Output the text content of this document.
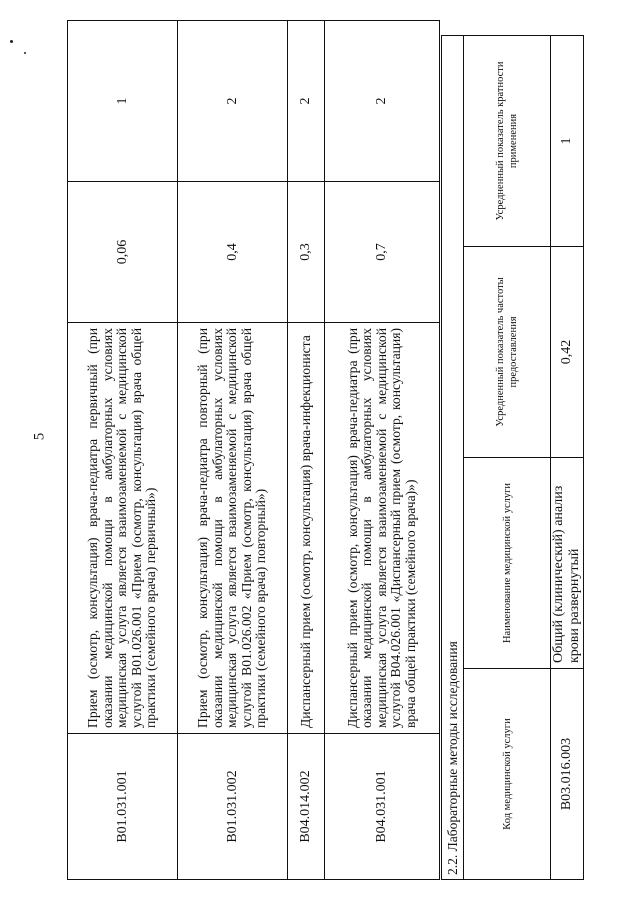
5
B01.031.001	Прием (осмотр, консультация) врача-педиатра первичный (при оказании медицинской помощи в амбулаторных условиях медицинская услуга является взаимозаменяемой с медицинской услугой B01.026.001 «Прием (осмотр, консультация) врача общей практики (семейного врача) первичный»)	0,06	1
B01.031.002	Прием (осмотр, консультация) врача-педиатра повторный (при оказании медицинской помощи в амбулаторных условиях медицинская услуга является взаимозаменяемой с медицинской услугой B01.026.002 «Прием (осмотр, консультация) врача общей практики (семейного врача) повторный»)	0,4	2
B04.014.002	Диспансерный прием (осмотр, консультация) врача-инфекциониста	0,3	2
B04.031.001	Диспансерный прием (осмотр, консультация) врача-педиатра (при оказании медицинской помощи в амбулаторных условиях медицинская услуга является взаимозаменяемой с медицинской услугой B04.026.001 «Диспансерный прием (осмотр, консультация) врача общей практики (семейного врача)»)	0,7	2
2.2. Лабораторные методы исследования			
Код медицинской услуги	Наименование медицинской услуги	Усредненный показатель частоты предоставления	Усредненный показатель кратности применения
B03.016.003	Общий (клинический) анализ крови развернутый	0,42	1
